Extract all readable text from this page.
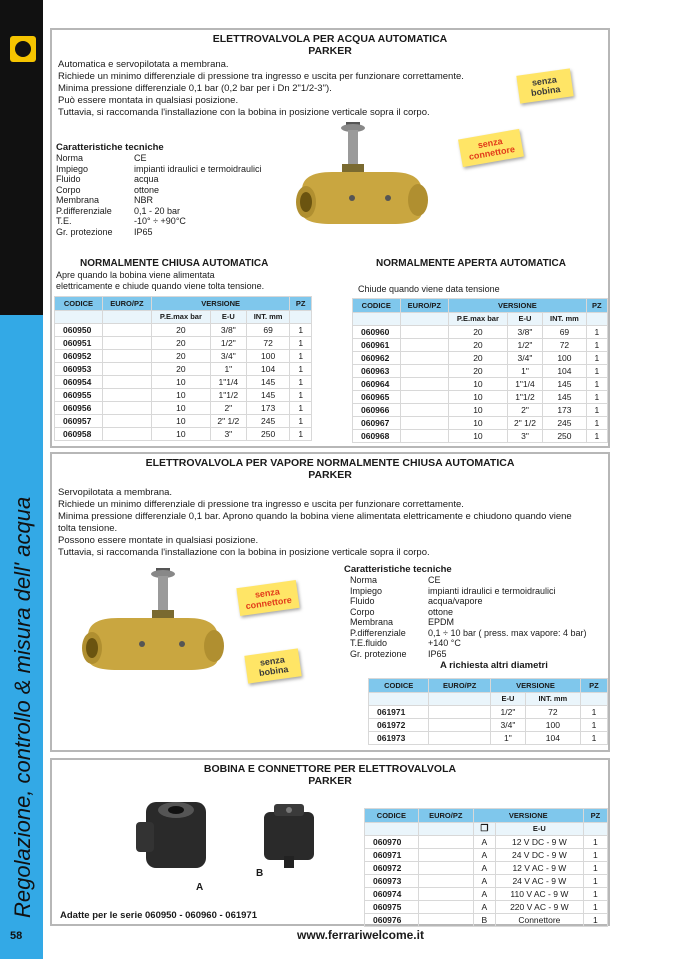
Regolazione, controllo & misura dell' acqua
58	www.ferrariwelcome.it
ELETTROVALVOLA PER ACQUA AUTOMATICA
PARKER

Automatica e servopilotata a membrana.

Richiede un minimo differenziale di pressione tra ingresso e uscita per funzionare correttamente.

Minima pressione differenziale 0,1 bar (0,2 bar per i Dn 2"1/2-3").

Può essere montata in qualsiasi posizione.

Tuttavia, si raccomanda l'installazione con la bobina in posizione verticale sopra il corpo.

senza bobina
senza connettore
Caratteristiche tecniche
Norma	CE
Impiego	impianti idraulici e termoidraulici
Fluido	acqua
Corpo	ottone
Membrana	NBR
P.differenziale	0,1 - 20 bar
T.E.	-10° ÷ +90°C
Gr. protezione	IP65
NORMALMENTE CHIUSA AUTOMATICA
Apre quando la bobina viene alimentata
elettricamente e chiude quando viene tolta tensione.
NORMALMENTE APERTA AUTOMATICA
Chiude quando viene data tensione
CODICE	EURO/PZ	VERSIONE			PZ
		P.E.max bar	E-U	INT. mm	
060950		20	3/8"	69	1
060951		20	1/2"	72	1
060952		20	3/4"	100	1
060953		20	1"	104	1
060954		10	1"1/4	145	1
060955		10	1"1/2	145	1
060956		10	2"	173	1
060957		10	2" 1/2	245	1
060958		10	3"	250	1
CODICE	EURO/PZ	VERSIONE			PZ
		P.E.max bar	E-U	INT. mm	
060960		20	3/8"	69	1
060961		20	1/2"	72	1
060962		20	3/4"	100	1
060963		20	1"	104	1
060964		10	1"1/4	145	1
060965		10	1"1/2	145	1
060966		10	2"	173	1
060967		10	2" 1/2	245	1
060968		10	3"	250	1
ELETTROVALVOLA PER VAPORE NORMALMENTE CHIUSA AUTOMATICA
PARKER

Servopilotata a membrana.

Richiede un minimo differenziale di pressione tra ingresso e uscita per funzionare correttamente.

Minima pressione differenziale 0,1 bar. Aprono quando la bobina viene alimentata elettricamente e chiudono quando viene

tolta tensione.

Possono essere montate in qualsiasi posizione.

Tuttavia, si raccomanda l'installazione con la bobina in posizione verticale sopra il corpo.

senza connettore
senza bobina
Caratteristiche tecniche
Norma	CE
Impiego	impianti idraulici e termoidraulici
Fluido	acqua/vapore
Corpo	ottone
Membrana	EPDM
P.differenziale	0,1 ÷ 10 bar ( press. max vapore: 4 bar)
T.E.fluido	+140 °C
Gr. protezione	IP65
A richiesta altri diametri
CODICE	EURO/PZ	VERSIONE		PZ
		E-U	INT. mm	
061971		1/2"	72	1
061972		3/4"	100	1
061973		1"	104	1
BOBINA E CONNETTORE PER ELETTROVALVOLA
PARKER
A
B
Adatte per le serie 060950 - 060960 - 061971
CODICE	EURO/PZ	VERSIONE		PZ
		❐	E-U	
060970		A	12 V DC - 9 W	1
060971		A	24 V DC - 9 W	1
060972		A	12 V AC - 9 W	1
060973		A	24 V AC - 9 W	1
060974		A	110 V AC - 9 W	1
060975		A	220 V AC - 9 W	1
060976		B	Connettore	1
